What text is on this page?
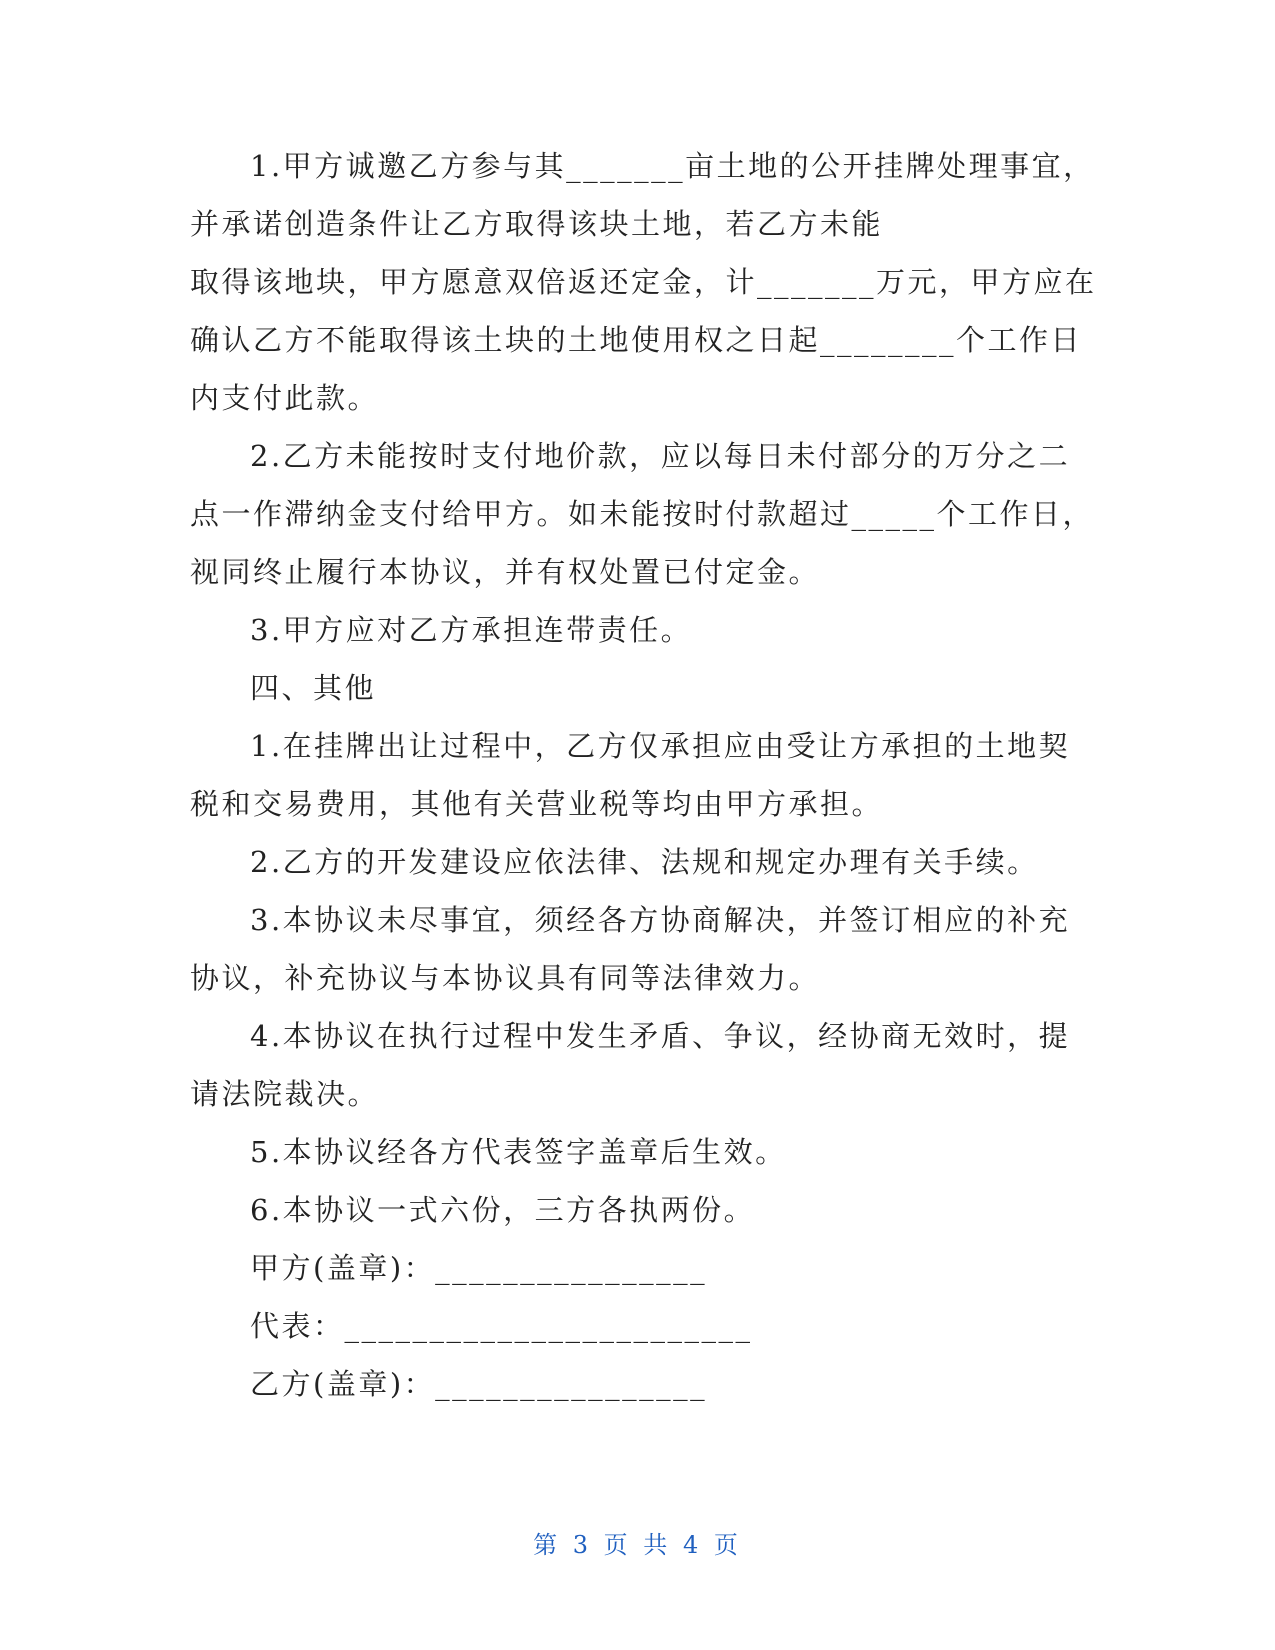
1.甲方诚邀乙方参与其_______亩土地的公开挂牌处理事宜，
并承诺创造条件让乙方取得该块土地，若乙方未能
取得该地块，甲方愿意双倍返还定金，计_______万元，甲方应在
确认乙方不能取得该土块的土地使用权之日起________个工作日
内支付此款。
2.乙方未能按时支付地价款，应以每日未付部分的万分之二
点一作滞纳金支付给甲方。如未能按时付款超过_____个工作日，
视同终止履行本协议，并有权处置已付定金。
3.甲方应对乙方承担连带责任。
四、其他
1.在挂牌出让过程中，乙方仅承担应由受让方承担的土地契
税和交易费用，其他有关营业税等均由甲方承担。
2.乙方的开发建设应依法律、法规和规定办理有关手续。
3.本协议未尽事宜，须经各方协商解决，并签订相应的补充
协议，补充协议与本协议具有同等法律效力。
4.本协议在执行过程中发生矛盾、争议，经协商无效时，提
请法院裁决。
5.本协议经各方代表签字盖章后生效。
6.本协议一式六份，三方各执两份。
甲方(盖章)：________________
代表：________________________
乙方(盖章)：________________
第 3 页 共 4 页
